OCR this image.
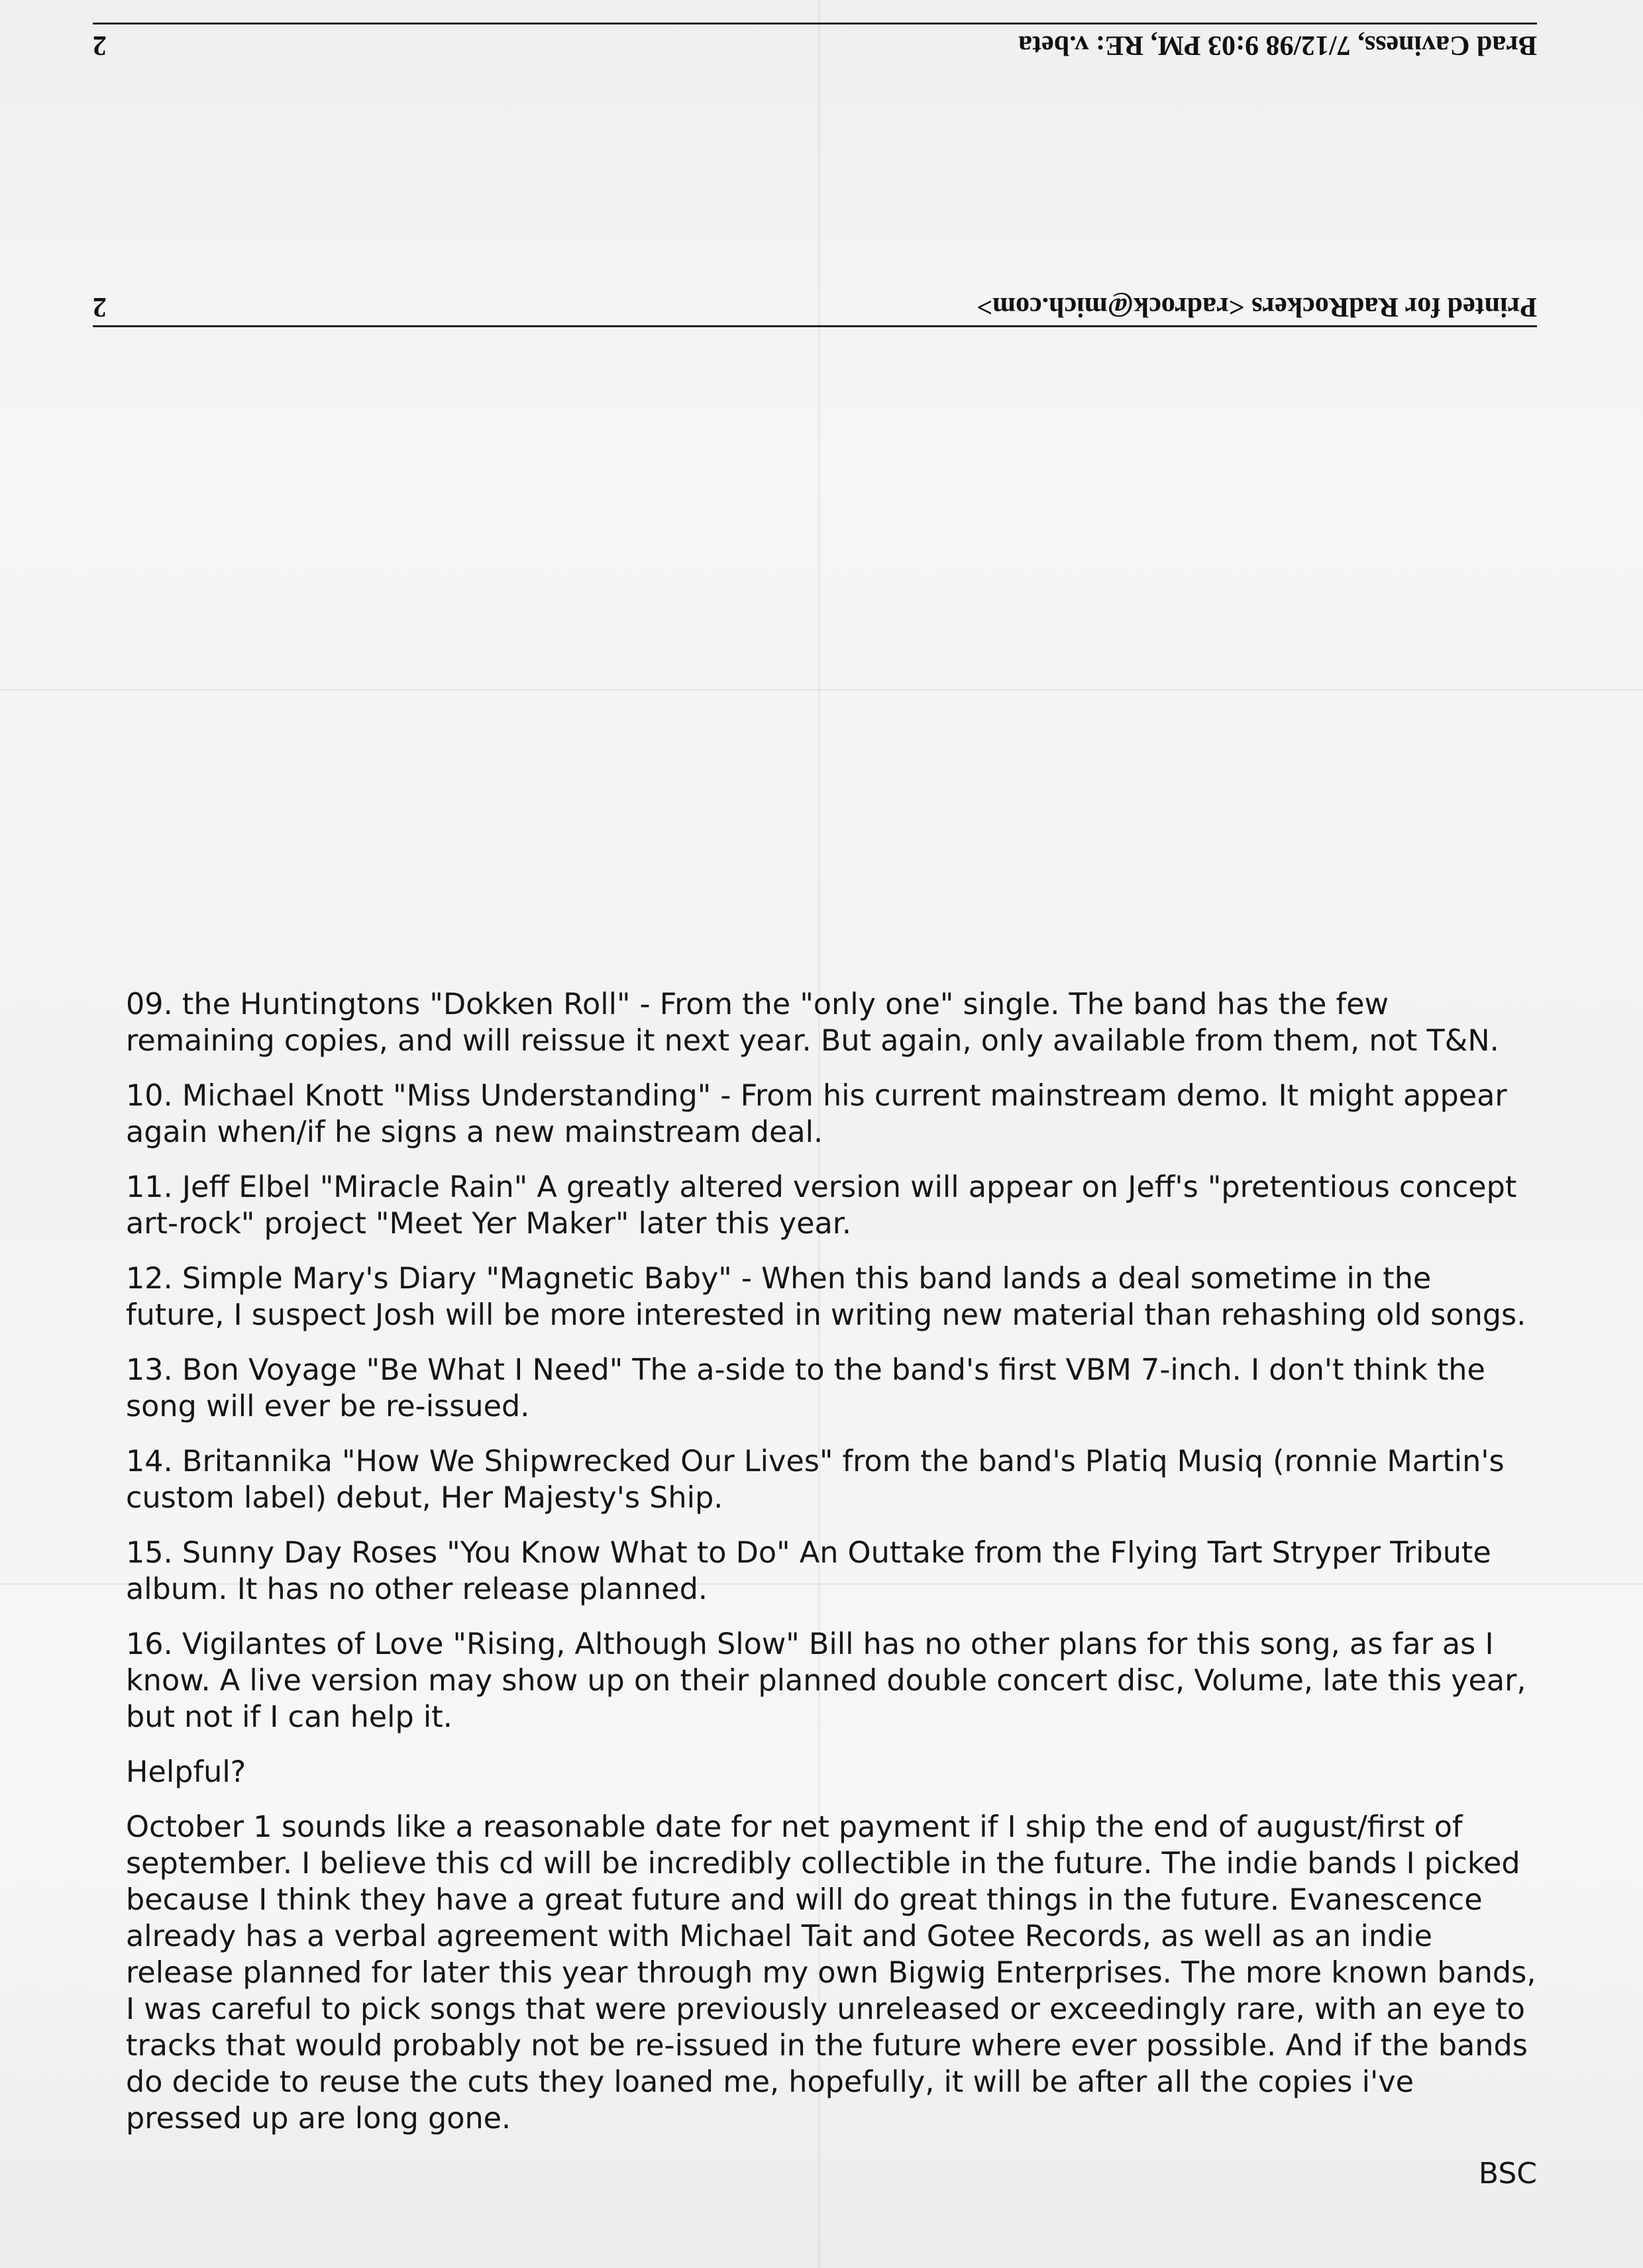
Brad Caviness, 7/12/98 9:03 PM, RE: v.beta
2
Printed for RadRockers <radrock@mich.com>
2

09. the Huntingtons "Dokken Roll" - From the "only one" single. The band has the few remaining copies, and will reissue it next year. But again, only available from them, not T&N.

10. Michael Knott "Miss Understanding" - From his current mainstream demo. It might appear again when/if he signs a new mainstream deal.

11. Jeff Elbel "Miracle Rain" A greatly altered version will appear on Jeff's "pretentious concept art-rock" project "Meet Yer Maker" later this year.

12. Simple Mary's Diary "Magnetic Baby" - When this band lands a deal sometime in the future, I suspect Josh will be more interested in writing new material than rehashing old songs.

13. Bon Voyage "Be What I Need" The a-side to the band's first VBM 7-inch. I don't think the song will ever be re-issued.

14. Britannika "How We Shipwrecked Our Lives" from the band's Platiq Musiq (ronnie Martin's custom label) debut, Her Majesty's Ship.

15. Sunny Day Roses "You Know What to Do" An Outtake from the Flying Tart Stryper Tribute album. It has no other release planned.

16. Vigilantes of Love "Rising, Although Slow" Bill has no other plans for this song, as far as I know. A live version may show up on their planned double concert disc, Volume, late this year, but not if I can help it.

Helpful?

October 1 sounds like a reasonable date for net payment if I ship the end of august/first of september. I believe this cd will be incredibly collectible in the future. The indie bands I picked because I think they have a great future and will do great things in the future. Evanescence already has a verbal agreement with Michael Tait and Gotee Records, as well as an indie release planned for later this year through my own Bigwig Enterprises. The more known bands, I was careful to pick songs that were previously unreleased or exceedingly rare, with an eye to tracks that would probably not be re-issued in the future where ever possible. And if the bands do decide to reuse the cuts they loaned me, hopefully, it will be after all the copies i've pressed up are long gone.

BSC
